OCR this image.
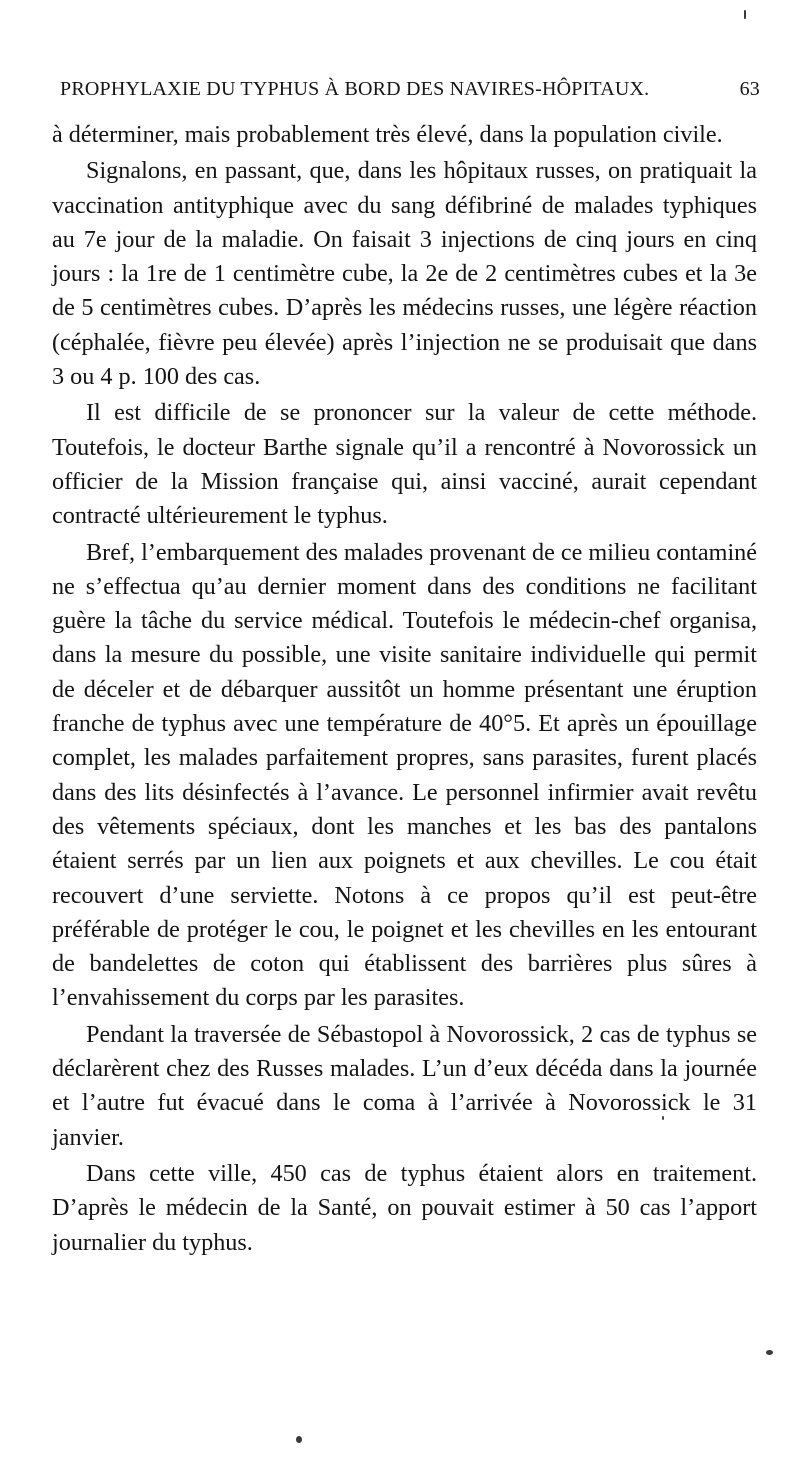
PROPHYLAXIE DU TYPHUS À BORD DES NAVIRES-HÔPITAUX.	63

à déterminer, mais probablement très élevé, dans la population civile.

Signalons, en passant, que, dans les hôpitaux russes, on pratiquait la vaccination antityphique avec du sang défibriné de malades typhiques au 7e jour de la maladie. On faisait 3 injections de cinq jours en cinq jours : la 1re de 1 centimètre cube, la 2e de 2 centimètres cubes et la 3e de 5 centimètres cubes. D’après les médecins russes, une légère réaction (céphalée, fièvre peu élevée) après l’injection ne se produisait que dans 3 ou 4 p. 100 des cas.

Il est difficile de se prononcer sur la valeur de cette méthode. Toutefois, le docteur Barthe signale qu’il a rencontré à Novorossick un officier de la Mission française qui, ainsi vacciné, aurait cependant contracté ultérieurement le typhus.

Bref, l’embarquement des malades provenant de ce milieu contaminé ne s’effectua qu’au dernier moment dans des conditions ne facilitant guère la tâche du service médical. Toutefois le médecin-chef organisa, dans la mesure du possible, une visite sanitaire individuelle qui permit de déceler et de débarquer aussitôt un homme présentant une éruption franche de typhus avec une température de 40°5. Et après un épouillage complet, les malades parfaitement propres, sans parasites, furent placés dans des lits désinfectés à l’avance. Le personnel infirmier avait revêtu des vêtements spéciaux, dont les manches et les bas des pantalons étaient serrés par un lien aux poignets et aux chevilles. Le cou était recouvert d’une serviette. Notons à ce propos qu’il est peut-être préférable de protéger le cou, le poignet et les chevilles en les entourant de bandelettes de coton qui établissent des barrières plus sûres à l’envahissement du corps par les parasites.

Pendant la traversée de Sébastopol à Novorossick, 2 cas de typhus se déclarèrent chez des Russes malades. L’un d’eux décéda dans la journée et l’autre fut évacué dans le coma à l’arrivée à Novorossick le 31 janvier.

Dans cette ville, 450 cas de typhus étaient alors en traitement. D’après le médecin de la Santé, on pouvait estimer à 50 cas l’apport journalier du typhus.
